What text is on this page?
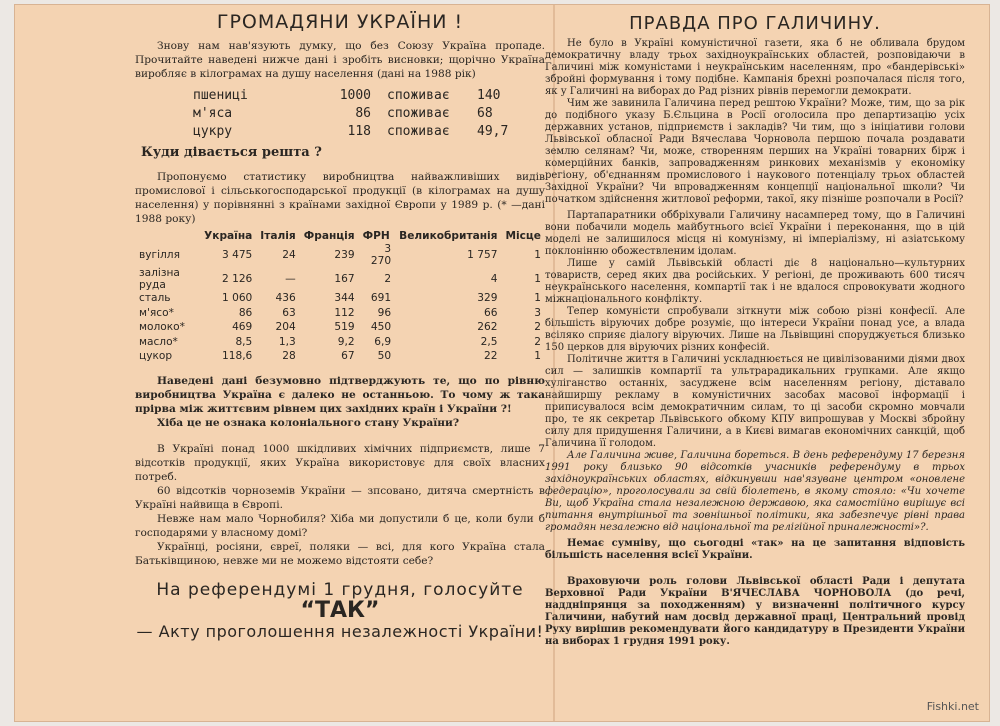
ГРОМАДЯНИ УКРАЇНИ !

Знову нам нав'язують думку, що без Союзу Україна пропаде. Прочитайте наведені нижче дані і зробіть висновки; щорічно Україна виробляє в кілограмах на душу населення (дані на 1988 рік)

пшениці	1000	споживає	140
м'яса	86	споживає	68
цукру	118	споживає	49,7
Куди дівається решта ?

Пропонуємо статистику виробництва найважливіших видів промислової і сільськогосподарської продукції (в кілограмах на душу населення) у порівнянні з країнами західної Європи у 1989 р. (* —дані 1988 року)

	Україна	Італія	Франція	ФРН	Великобританія	Місце
вугілля	3 475	24	239	3 270	1 757	1
залізна руда	2 126	—	167	2	4	1
сталь	1 060	436	344	691	329	1
м'ясо*	86	63	112	96	66	3
молоко*	469	204	519	450	262	2
масло*	8,5	1,3	9,2	6,9	2,5	2
цукор	118,6	28	67	50	22	1

Наведені дані безумовно підтверджують те, що по рівню виробництва Україна є далеко не останньою. То чому ж така прірва між життєвим рівнем цих західних країн і України ?!

Хіба це не ознака колоніального стану України?

В Україні понад 1000 шкідливих хімічних підприємств, лише 7 відсотків продукції, яких Україна використовує для своїх власних потреб.

60 відсотків чорноземів України — зпсовано, дитяча смертність в Україні найвища в Європі.

Невже нам мало Чорнобиля? Хіба ми допустили б це, коли були б господарями у власному домі?

Українці, росіяни, євреї, поляки — всі, для кого Україна стала Батьківщиною, невже ми не можемо відстояти себе?

На референдумі 1 грудня, голосуйте
“ТАК”
— Акту проголошення незалежності України!
ПРАВДА ПРО ГАЛИЧИНУ.

Не було в Україні комуністичної газети, яка б не обливала брудом демократичну владу трьох західноукраїнських областей, розповідаючи в Галичині між комуністами і неукраїнським населенням, про «бандерівські» збройні формування і тому подібне. Кампанія брехні розпочалася після того, як у Галичині на виборах до Рад різних рівнів перемогли демократи.

Чим же завинила Галичина перед рештою України? Може, тим, що за рік до подібного указу Б.Єльцина в Росії оголосила про департизацію усіх державних установ, підприємств і закладів? Чи тим, що з ініціативи голови Львівської обласної Ради Вячеслава Чорновола першою почала роздавати землю селянам? Чи, може, створенням перших на Україні товарних бірж і комерційних банків, запровадженням ринкових механізмів у економіку регіону, об'єднанням промислового і наукового потенціалу трьох областей Західної України? Чи впровадженням концепції національної школи? Чи початком здійснення житлової реформи, такої, яку пізніше розпочали в Росії?

Партапаратники оббріхували Галичину насамперед тому, що в Галичині вони побачили модель майбутнього всієї України і переконання, що в цій моделі не залишилося місця ні комунізму, ні імперіалізму, ні азіатському поклонінню обожествленим ідолам.

Лише у самій Львівській області діє 8 національно—культурних товариств, серед яких два російських. У регіоні, де проживають 600 тисяч неукраїнського населення, компартії так і не вдалося спровокувати жодного міжнаціонального конфлікту.

Тепер комуністи спробували зіткнути між собою різні конфесії. Але більшість віруючих добре розуміє, що інтереси України понад усе, а влада всіляко сприяє діалогу віруючих. Лише на Львівщині споруджується близько 150 церков для віруючих різних конфесій.

Політичне життя в Галичині ускладнюється не цивілізованими діями двох сил — залишків компартії та ультрарадикальних групками. Але якщо хуліганство останніх, засуджене всім населенням регіону, діставало найширшу рекламу в комуністичних засобах масової інформації і приписувалося всім демократичним силам, то ці засоби скромно мовчали про, те як секретар Львівського обкому КПУ випрошував у Москві збройну силу для придушення Галичини, а в Києві вимагав економічних санкцій, щоб Галичина її голодом.

Але Галичина живе, Галичина бореться. В день референдуму 17 березня 1991 року близько 90 відсотків учасників референдуму в трьох західноукраїнських областях, відкинувши нав'язуване центром «оновлене федерацію», проголосували за свій біолетень, в якому стояло: «Чи хочете Ви, щоб Україна стала незалежною державою, яка самостійно вирішує всі питання внутрішньої та зовнішньої політики, яка забезпечує рівні права громадян незалежно від національної та релігійної приналежності»?.

Немає сумніву, що сьогодні «так» на це запитання відповість більшість населення всієї України.

Враховуючи роль голови Львівської області Ради і депутата Верховної Ради України В'ЯЧЕСЛАВА ЧОРНОВОЛА (до речі, наддніпрянця за походженням) у визначенні політичного курсу Галичини, набутий нам досвід державної праці, Центральний провід Руху вирішив рекомендувати його кандидатуру в Президенти України на виборах 1 грудня 1991 року.

Fishki.net
